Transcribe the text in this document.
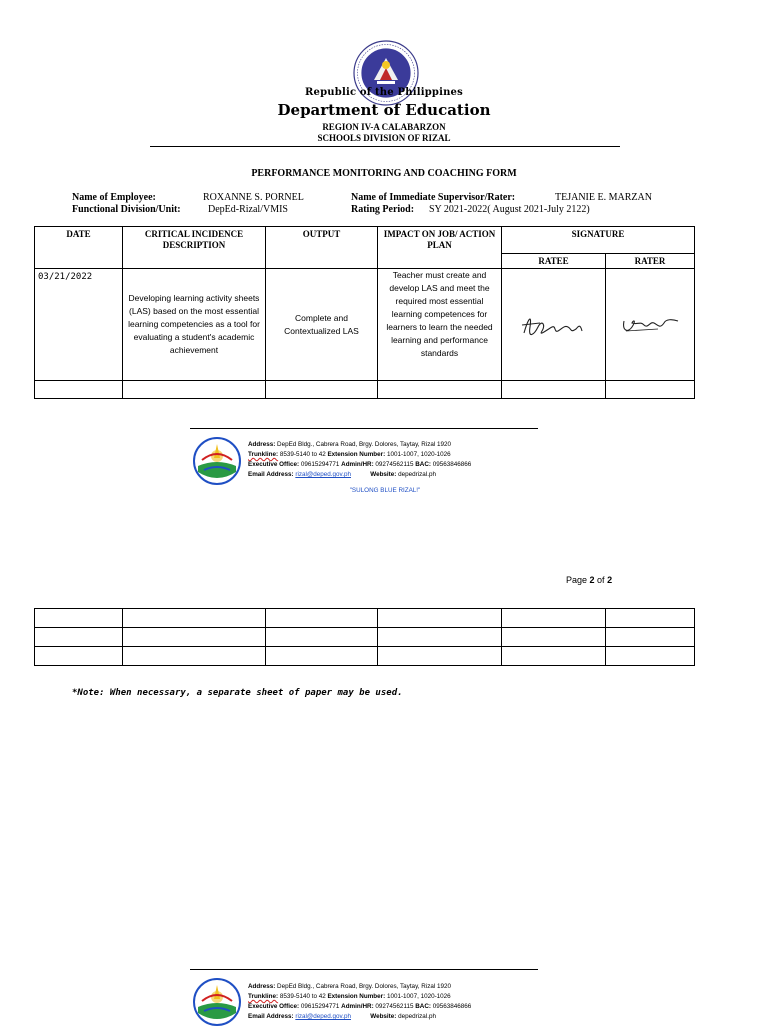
Republic of the Philippines
Department of Education
REGION IV-A CALABARZON
SCHOOLS DIVISION OF RIZAL
PERFORMANCE MONITORING AND COACHING FORM
Name of Employee:	ROXANNE S. PORNEL
Functional Division/Unit:	DepEd-Rizal/VMIS
Name of Immediate Supervisor/Rater:	TEJANIE E. MARZAN
Rating Period: SY 2021-2022( August 2021-July 2122)
DATE	CRITICAL INCIDENCE DESCRIPTION	OUTPUT	IMPACT ON JOB/ ACTION PLAN	SIGNATURE	
				RATEE	RATER
03/21/2022	Developing learning activity sheets (LAS) based on the most essential learning competencies as a tool for evaluating a student's academic achievement	Complete and Contextualized LAS	Teacher must create and develop LAS and meet the required most essential learning competences for learners to learn the needed learning and performance standards	

Address: DepEd Bldg., Cabrera Road, Brgy. Dolores, Taytay, Rizal 1920
Trunkline: 8539-5140 to 42 Extension Number: 1001-1007, 1020-1026
Executive Office: 09615294771 Admin/HR: 09274562115 BAC: 09563846866
Email Address: rizal@deped.gov.ph	Website: depedrizal.ph
"SULONG BLUE RIZAL!"
Page 2 of 2

*Note: When necessary, a separate sheet of paper may be used.
Address: DepEd Bldg., Cabrera Road, Brgy. Dolores, Taytay, Rizal 1920
Trunkline: 8539-5140 to 42 Extension Number: 1001-1007, 1020-1026
Executive Office: 09615294771 Admin/HR: 09274562115 BAC: 09563846866
Email Address: rizal@deped.gov.ph	Website: depedrizal.ph
